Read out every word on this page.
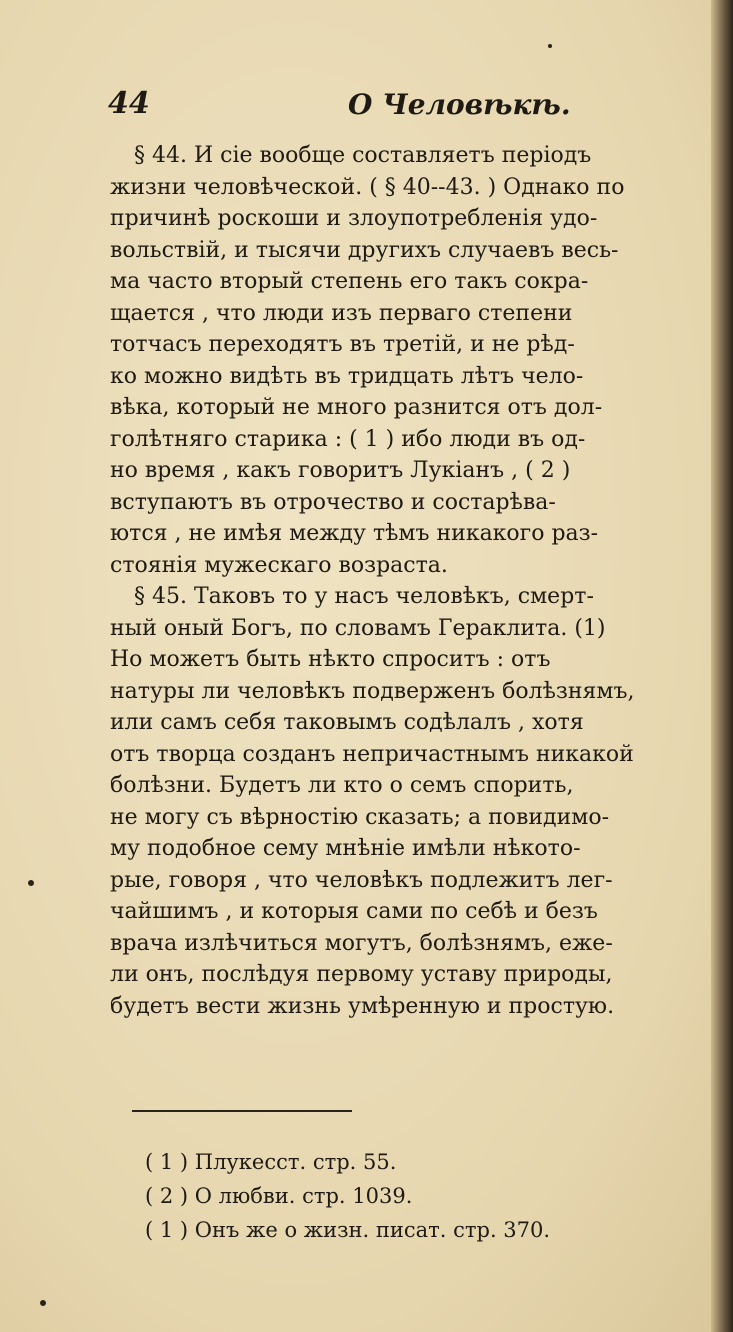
44	О Человѣкѣ.
§ 44. И сіе вообще составляетъ періодъ
жизни человѣческой. ( § 40--43. ) Однако по
причинѣ роскоши и злоупотребленія удо-
вольствій, и тысячи другихъ случаевъ весь-
ма часто вторый степень его такъ сокра-
щается , что люди изъ перваго степени
тотчасъ переходятъ въ третій, и не рѣд-
ко можно видѣть въ тридцать лѣтъ чело-
вѣка, который не много разнится отъ дол-
голѣтняго старика : ( 1 ) ибо люди въ од-
но время , какъ говоритъ Лукіанъ , ( 2 )
вступаютъ въ отрочество и состарѣва-
ются , не имѣя между тѣмъ никакого раз-
стоянія мужескаго возраста.
§ 45. Таковъ то у насъ человѣкъ, смерт-
ный оный Богъ, по словамъ Гераклита. (1)
Но можетъ быть нѣкто спроситъ : отъ
натуры ли человѣкъ подверженъ болѣзнямъ,
или самъ себя таковымъ содѣлалъ , хотя
отъ творца созданъ непричастнымъ никакой
болѣзни. Будетъ ли кто о семъ спорить,
не могу съ вѣрностію сказать; а повидимо-
му подобное сему мнѣніе имѣли нѣкото-
рые, говоря , что человѣкъ подлежитъ лег-
чайшимъ , и которыя сами по себѣ и безъ
врача излѣчиться могутъ, болѣзнямъ, еже-
ли онъ, послѣдуя первому уставу природы,
будетъ вести жизнь умѣренную и простую.
( 1 ) Плукесст. стр. 55.
( 2 ) О любви. стр. 1039.
( 1 ) Онъ же о жизн. писат. стр. 370.
